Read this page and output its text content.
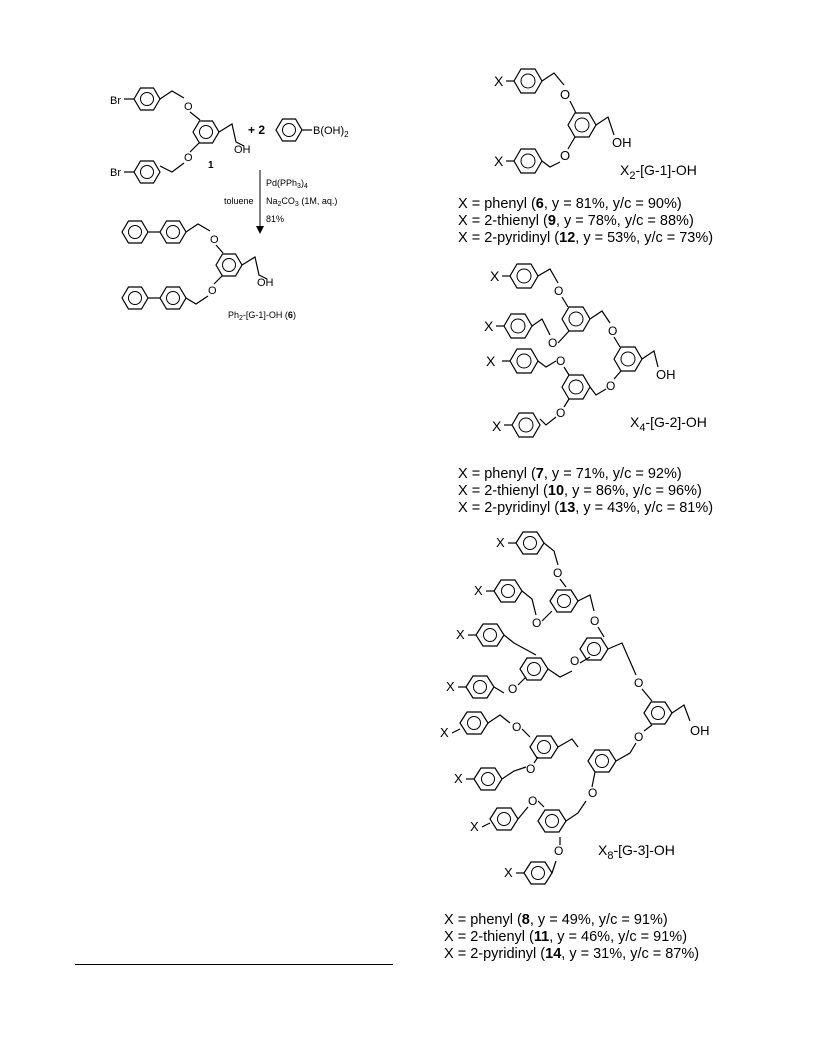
Br	O
OH
O
Br
1
+ 2	$B(OH)_2$
$Pd(PPh_3)_4$
toluene $Na_2CO_3$ (1M, aq.)
81%
O
OH
O
$Ph_2-[G-1]-OH$ (6)
X
O
OH
O
X
$X_2-[G-1]-OH$
X = phenyl (6, y = 81%, y/c = 90%)
X = 2-thienyl (9, y = 78%, y/c = 88%)
X = 2-pyridinyl (12, y = 53%, y/c = 73%)
X
O
X
O
O
OH
O
O
X
O
X	$X_4-[G-2]-OH$
X = phenyl (7, y = 71%, y/c = 92%)
X = 2-thienyl (10, y = 86%, y/c = 96%)
X = 2-pyridinyl (13, y = 43%, y/c = 81%)
X
O
X
O
X
X	O
X	O
X
O
X
O
X
O
O
O
O
O
O	OH
$X_8-[G-3]-OH$
X = phenyl (8, y = 49%, y/c = 91%)
X = 2-thienyl (11, y = 46%, y/c = 91%)
X = 2-pyridinyl (14, y = 31%, y/c = 87%)
